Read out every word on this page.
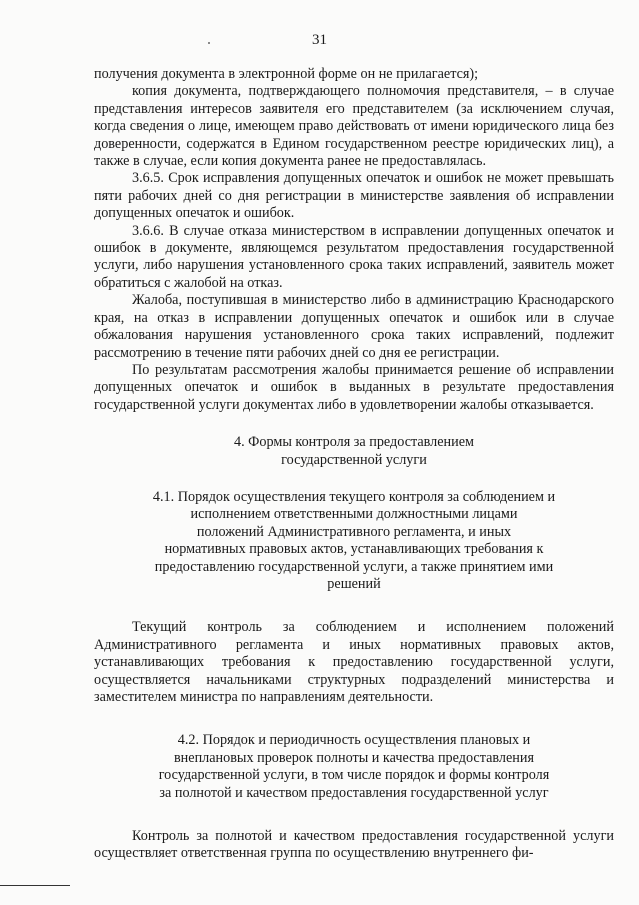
31

получения документа в электронной форме он не прилагается);

копия документа, подтверждающего полномочия представителя, – в случае представления интересов заявителя его представителем (за исключением случая, когда сведения о лице, имеющем право действовать от имени юридического лица без доверенности, содержатся в Едином государственном реестре юридических лиц), а также в случае, если копия документа ранее не предоставлялась.

3.6.5. Срок исправления допущенных опечаток и ошибок не может превышать пяти рабочих дней со дня регистрации в министерстве заявления об исправлении допущенных опечаток и ошибок.

3.6.6. В случае отказа министерством в исправлении допущенных опечаток и ошибок в документе, являющемся результатом предоставления государственной услуги, либо нарушения установленного срока таких исправлений, заявитель может обратиться с жалобой на отказ.

Жалоба, поступившая в министерство либо в администрацию Краснодарского края, на отказ в исправлении допущенных опечаток и ошибок или в случае обжалования нарушения установленного срока таких исправлений, подлежит рассмотрению в течение пяти рабочих дней со дня ее регистрации.

По результатам рассмотрения жалобы принимается решение об исправлении допущенных опечаток и ошибок в выданных в результате предоставления государственной услуги документах либо в удовлетворении жалобы отказывается.

4. Формы контроля за предоставлением
государственной услуги
4.1. Порядок осуществления текущего контроля за соблюдением и
исполнением ответственными должностными лицами
положений Административного регламента, и иных
нормативных правовых актов, устанавливающих требования к
предоставлению государственной услуги, а также принятием ими
решений

Текущий контроль за соблюдением и исполнением положений Административного регламента и иных нормативных правовых актов, устанавливающих требования к предоставлению государственной услуги, осуществляется начальниками структурных подразделений министерства и заместителем министра по направлениям деятельности.

4.2. Порядок и периодичность осуществления плановых и
внеплановых проверок полноты и качества предоставления
государственной услуги, в том числе порядок и формы контроля
за полнотой и качеством предоставления государственной услуг

Контроль за полнотой и качеством предоставления государственной услуги осуществляет ответственная группа по осуществлению внутреннего фи-
